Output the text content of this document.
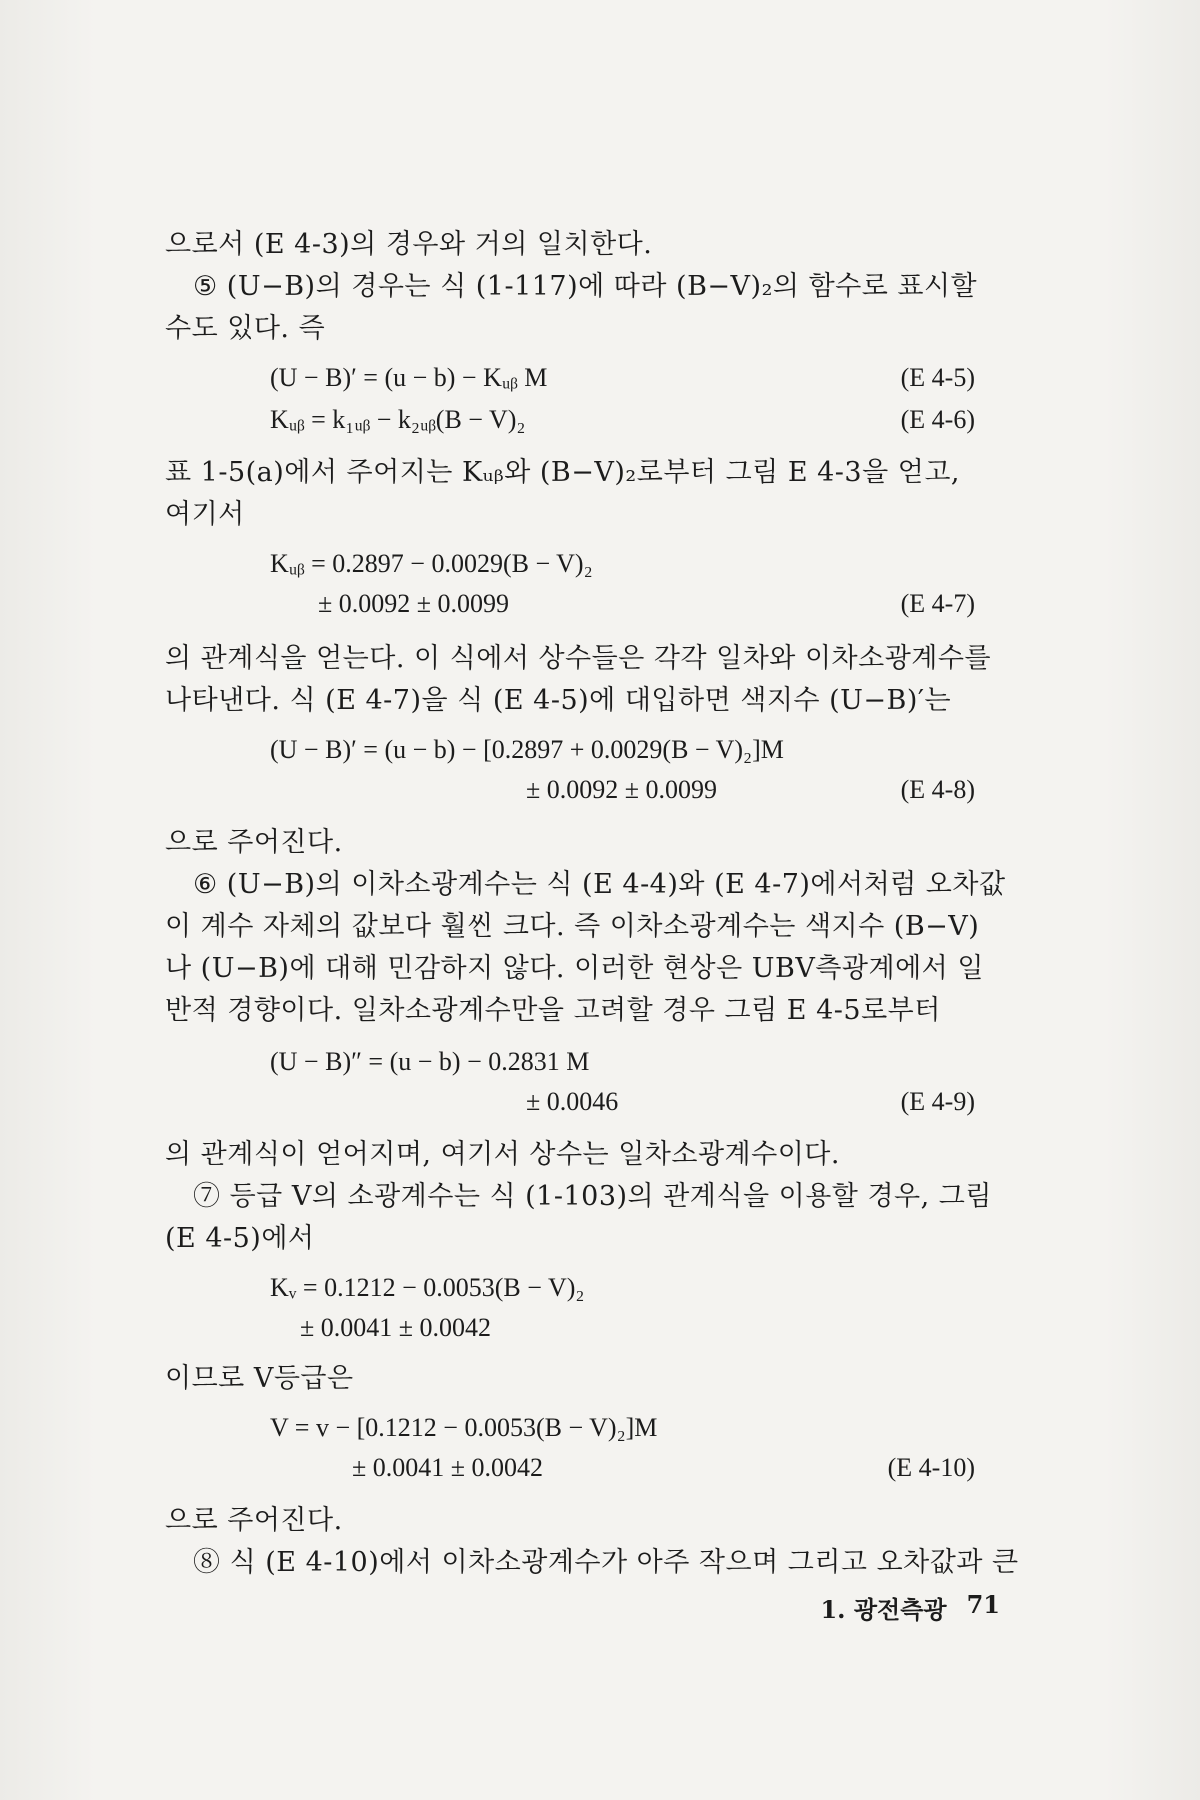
으로서 (E 4-3)의 경우와 거의 일치한다.
⑤ (U−B)의 경우는 식 (1-117)에 따라 (B−V)₂의 함수로 표시할
수도 있다. 즉
(U − B)′ = (u − b) − Kᵤᵦ M	(E 4-5)
Kᵤᵦ = k₁ᵤᵦ − k₂ᵤᵦ(B − V)₂	(E 4-6)
표 1-5(a)에서 주어지는 Kᵤᵦ와 (B−V)₂로부터 그림 E 4-3을 얻고,
여기서
Kᵤᵦ = 0.2897 − 0.0029(B − V)₂
± 0.0092 ± 0.0099	(E 4-7)
의 관계식을 얻는다. 이 식에서 상수들은 각각 일차와 이차소광계수를
나타낸다. 식 (E 4-7)을 식 (E 4-5)에 대입하면 색지수 (U−B)′는
(U − B)′ = (u − b) − [0.2897 + 0.0029(B − V)₂]M
± 0.0092 ± 0.0099	(E 4-8)
으로 주어진다.
⑥ (U−B)의 이차소광계수는 식 (E 4-4)와 (E 4-7)에서처럼 오차값
이 계수 자체의 값보다 훨씬 크다. 즉 이차소광계수는 색지수 (B−V)
나 (U−B)에 대해 민감하지 않다. 이러한 현상은 UBV측광계에서 일
반적 경향이다. 일차소광계수만을 고려할 경우 그림 E 4-5로부터
(U − B)″ = (u − b) − 0.2831 M
± 0.0046	(E 4-9)
의 관계식이 얻어지며, 여기서 상수는 일차소광계수이다.
⑦ 등급 V의 소광계수는 식 (1-103)의 관계식을 이용할 경우, 그림
(E 4-5)에서
Kᵥ = 0.1212 − 0.0053(B − V)₂
± 0.0041 ± 0.0042
이므로 V등급은
V = v − [0.1212 − 0.0053(B − V)₂]M
± 0.0041 ± 0.0042	(E 4-10)
으로 주어진다.
⑧ 식 (E 4-10)에서 이차소광계수가 아주 작으며 그리고 오차값과 큰
1. 광전측광 71
